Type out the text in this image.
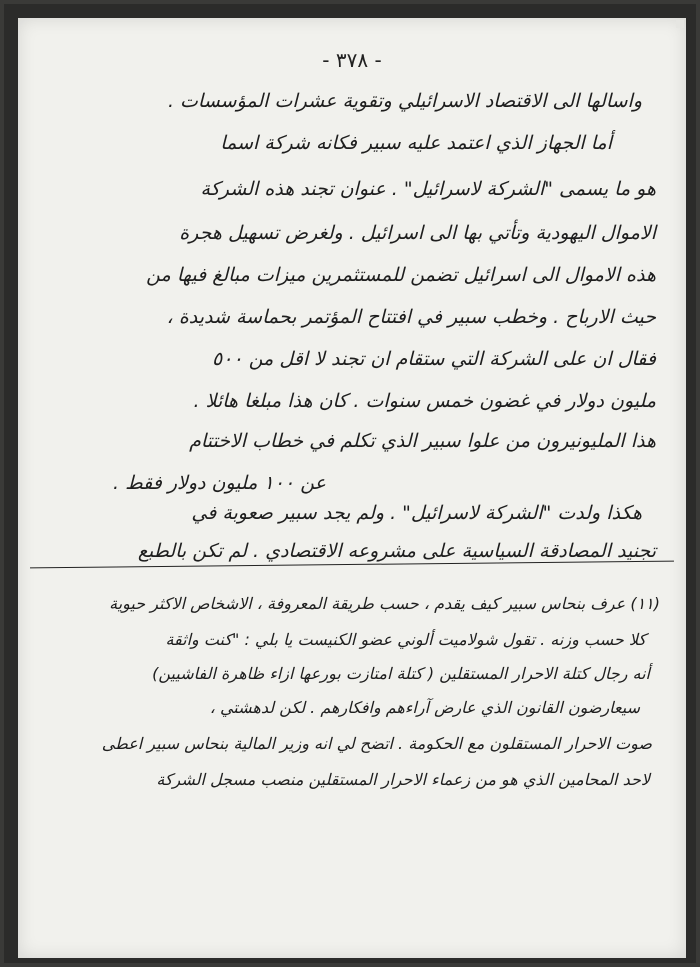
- ٣٧٨ -
واسالها الى الاقتصاد الاسرائيلي وتقوية عشرات المؤسسات .
أما الجهاز الذي اعتمد عليه سبير فكانه شركة اسما
هو ما يسمى "الشركة لاسرائيل" . عنوان تجند هذه الشركة
الاموال اليهودية وتأتي بها الى اسرائيل . ولغرض تسهيل هجرة
هذه الاموال الى اسرائيل تضمن للمستثمرين ميزات مبالغ فيها من
حيث الارباح . وخطب سبير في افتتاح المؤتمر بحماسة شديدة ،
فقال ان على الشركة التي ستقام ان تجند لا اقل من ٥٠٠
مليون دولار في غضون خمس سنوات . كان هذا مبلغا هائلا .
هذا المليونيرون من علوا سبير الذي تكلم في خطاب الاختتام
عن ١٠٠ مليون دولار فقط .
هكذا ولدت "الشركة لاسرائيل" . ولم يجد سبير صعوبة في
تجنيد المصادقة السياسية على مشروعه الاقتصادي . لم تكن بالطبع
(١١) عرف بنحاس سبير كيف يقدم ، حسب طريقة المعروفة ، الاشخاص الاكثر حيوية
كلا حسب وزنه . تقول شولاميت ألوني عضو الكنيست يا بلي : "كنت واثقة
أنه رجال كتلة الاحرار المستقلين ( كتلة امتازت بورعها ازاء ظاهرة الفاشيين)
سيعارضون القانون الذي عارض آراءهم وافكارهم . لكن لدهشتي ،
صوت الاحرار المستقلون مع الحكومة . اتضح لي انه وزير المالية بنحاس سبير اعطى
لاحد المحامين الذي هو من زعماء الاحرار المستقلين منصب مسجل الشركة
